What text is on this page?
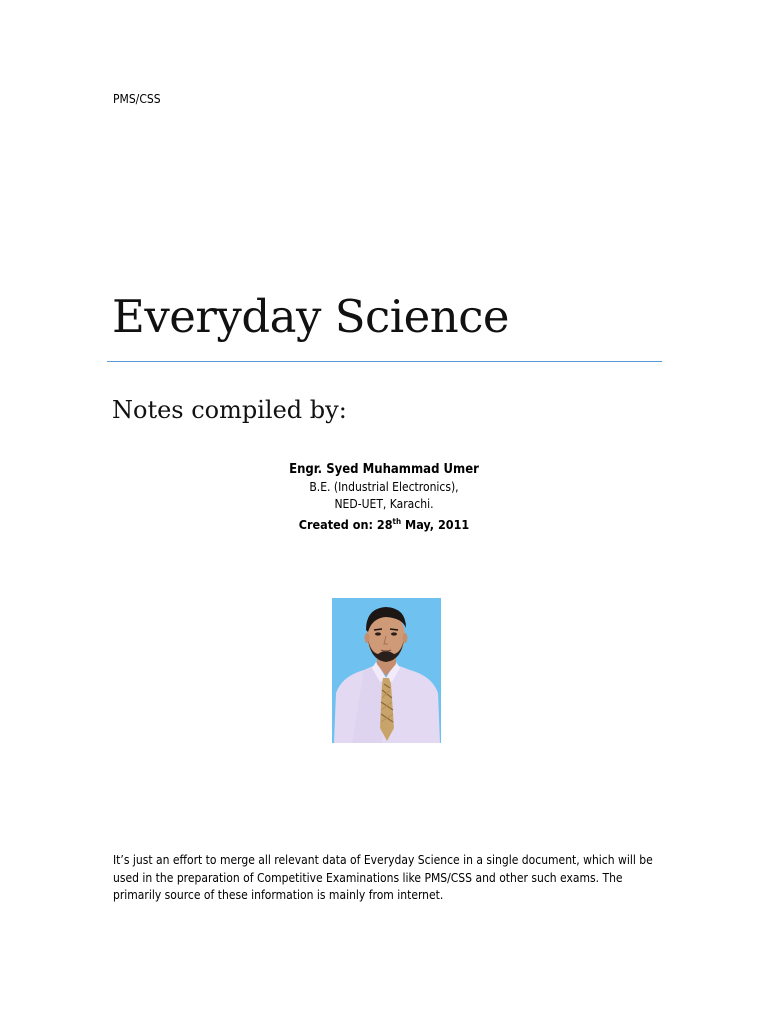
PMS/CSS
Everyday Science
Notes compiled by:
Engr. Syed Muhammad Umer
B.E. (Industrial Electronics),
NED-UET, Karachi.
Created on: 28th May, 2011
It’s just an effort to merge all relevant data of Everyday Science in a single document, which will be used in the preparation of Competitive Examinations like PMS/CSS and other such exams. The primarily source of these information is mainly from internet.
